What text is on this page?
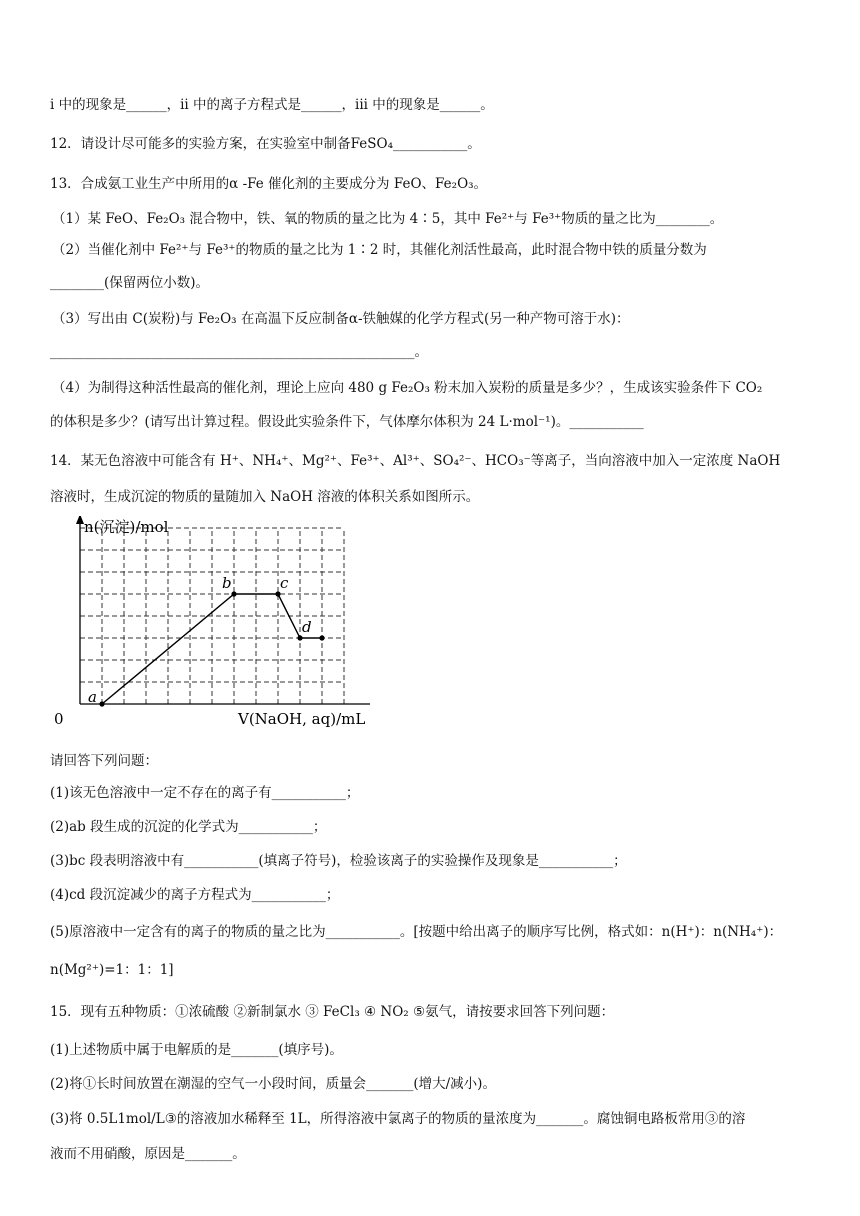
i 中的现象是______，ii 中的离子方程式是______，iii 中的现象是______。
12．请设计尽可能多的实验方案，在实验室中制备FeSO₄___________。
13．合成氨工业生产中所用的α -Fe 催化剂的主要成分为 FeO、Fe₂O₃。
（1）某 FeO、Fe₂O₃ 混合物中，铁、氧的物质的量之比为 4∶5，其中 Fe²⁺与 Fe³⁺物质的量之比为________。
（2）当催化剂中 Fe²⁺与 Fe³⁺的物质的量之比为 1∶2 时，其催化剂活性最高，此时混合物中铁的质量分数为
________(保留两位小数)。
（3）写出由 C(炭粉)与 Fe₂O₃ 在高温下反应制备α-铁触媒的化学方程式(另一种产物可溶于水)：
______________________________________________________。
（4）为制得这种活性最高的催化剂，理论上应向 480 g Fe₂O₃ 粉末加入炭粉的质量是多少？，生成该实验条件下 CO₂
的体积是多少？(请写出计算过程。假设此实验条件下，气体摩尔体积为 24 L·mol⁻¹)。___________
14．某无色溶液中可能含有 H⁺、NH₄⁺、Mg²⁺、Fe³⁺、Al³⁺、SO₄²⁻、HCO₃⁻等离子，当向溶液中加入一定浓度 NaOH
溶液时，生成沉淀的物质的量随加入 NaOH 溶液的体积关系如图所示。
请回答下列问题：
(1)该无色溶液中一定不存在的离子有___________；
(2)ab 段生成的沉淀的化学式为___________；
(3)bc 段表明溶液中有___________(填离子符号)，检验该离子的实验操作及现象是___________；
(4)cd 段沉淀减少的离子方程式为___________；
(5)原溶液中一定含有的离子的物质的量之比为___________。[按题中给出离子的顺序写比例，格式如：n(H⁺)：n(NH₄⁺)：
n(Mg²⁺)=1：1：1]
15．现有五种物质：①浓硫酸 ②新制氯水 ③ FeCl₃ ④ NO₂ ⑤氨气，请按要求回答下列问题：
(1)上述物质中属于电解质的是_______(填序号)。
(2)将①长时间放置在潮湿的空气一小段时间，质量会_______(增大/减小)。
(3)将 0.5L1mol/L③的溶液加水稀释至 1L，所得溶液中氯离子的物质的量浓度为_______。腐蚀铜电路板常用③的溶
液而不用硝酸，原因是_______。
a
b	c
d
n(沉淀)/mol
V(NaOH, aq)/mL
0
